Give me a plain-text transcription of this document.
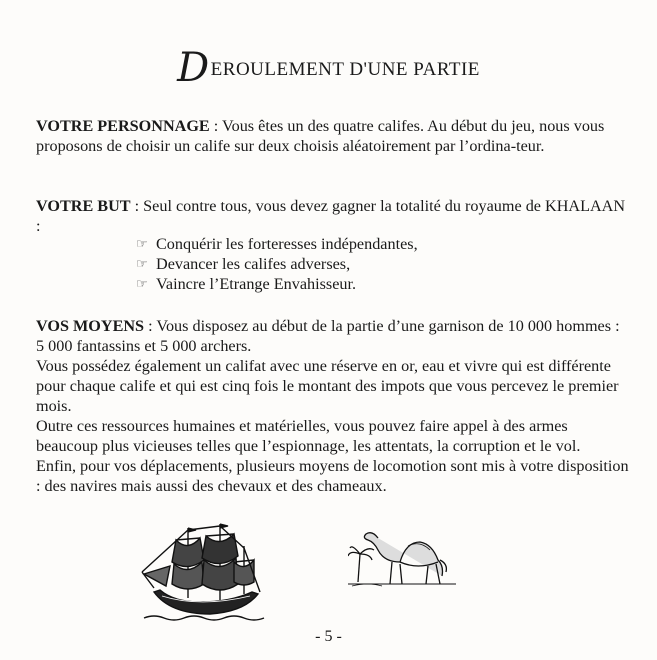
DEROULEMENT D'UNE PARTIE
VOTRE PERSONNAGE : Vous êtes un des quatre califes. Au début du jeu, nous vous proposons de choisir un calife sur deux choisis aléatoirement par l’ordina-teur.
VOTRE BUT : Seul contre tous, vous devez gagner la totalité du royaume de KHALAAN :
☞ Conquérir les forteresses indépendantes,
☞ Devancer les califes adverses,
☞ Vaincre l’Etrange Envahisseur.
VOS MOYENS : Vous disposez au début de la partie d’une garnison de 10 000 hommes : 5 000 fantassins et 5 000 archers.
Vous possédez également un califat avec une réserve en or, eau et vivre qui est différente pour chaque calife et qui est cinq fois le montant des impots que vous percevez le premier mois.
Outre ces ressources humaines et matérielles, vous pouvez faire appel à des armes beaucoup plus vicieuses telles que l’espionnage, les attentats, la corruption et le vol.
Enfin, pour vos déplacements, plusieurs moyens de locomotion sont mis à votre disposition : des navires mais aussi des chevaux et des chameaux.
- 5 -
